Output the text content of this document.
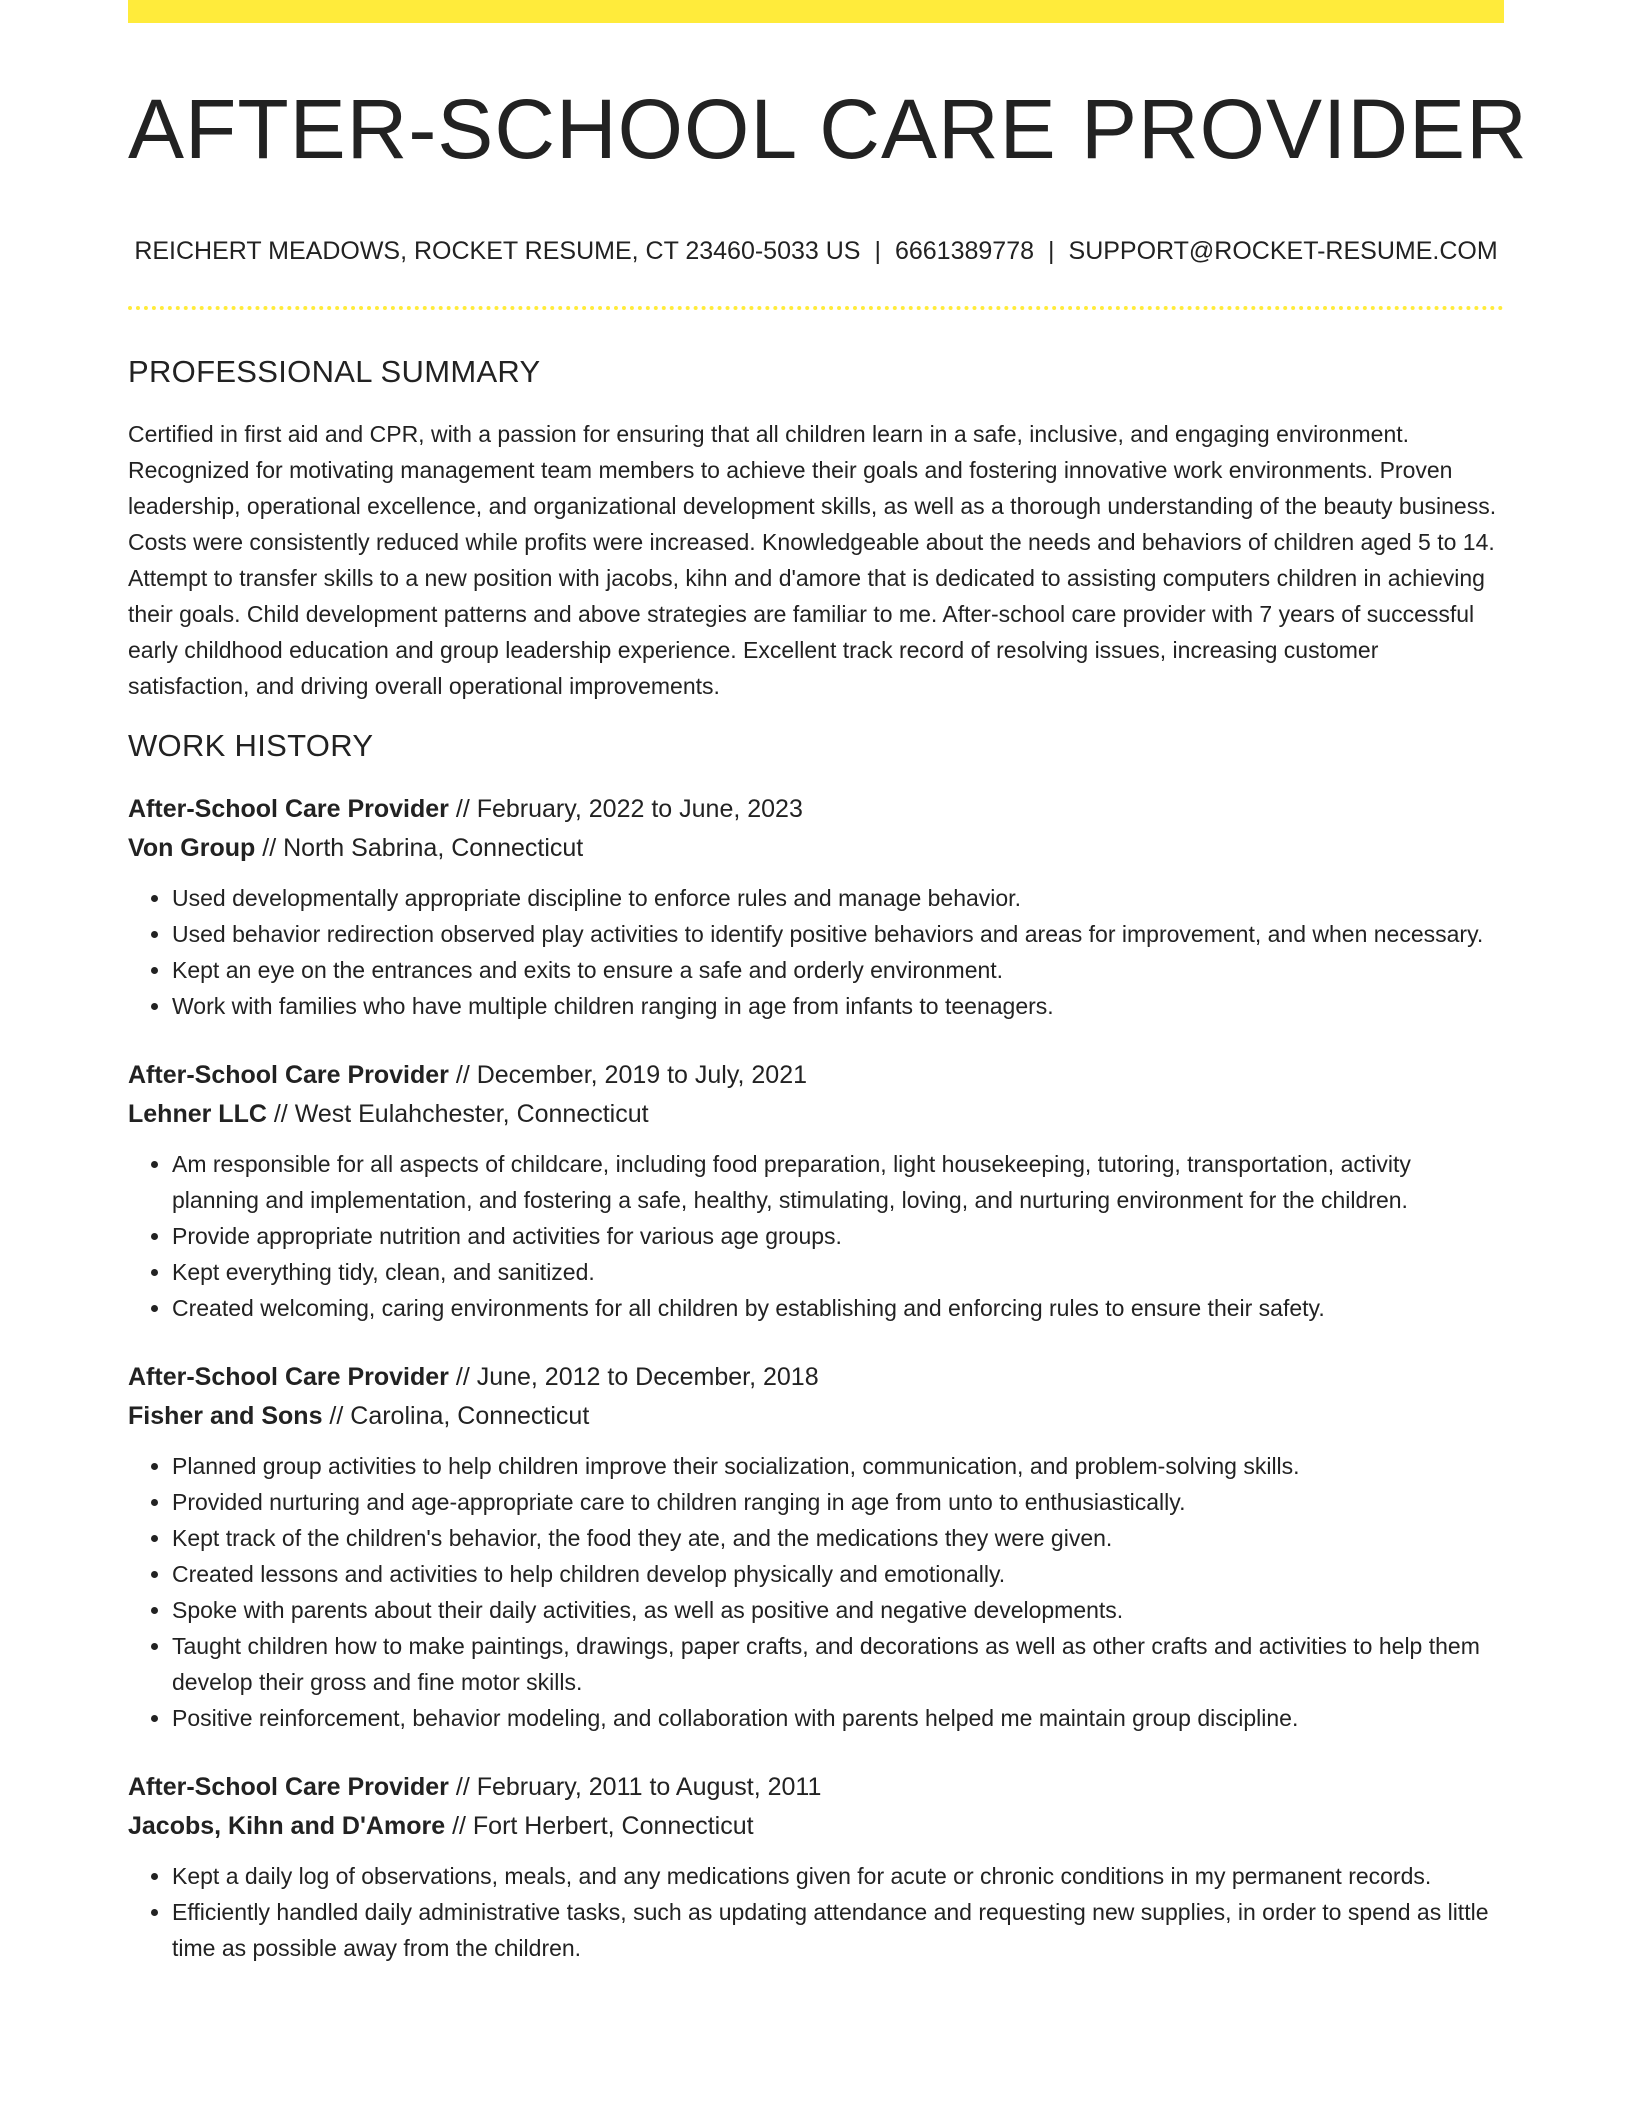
AFTER-SCHOOL CARE PROVIDER
REICHERT MEADOWS, ROCKET RESUME, CT 23460-5033 US | 6661389778 | SUPPORT@ROCKET-RESUME.COM
PROFESSIONAL SUMMARY

Certified in first aid and CPR, with a passion for ensuring that all children learn in a safe, inclusive, and engaging environment. Recognized for motivating management team members to achieve their goals and fostering innovative work environments. Proven leadership, operational excellence, and organizational development skills, as well as a thorough understanding of the beauty business. Costs were consistently reduced while profits were increased. Knowledgeable about the needs and behaviors of children aged 5 to 14. Attempt to transfer skills to a new position with jacobs, kihn and d'amore that is dedicated to assisting computers children in achieving their goals. Child development patterns and above strategies are familiar to me. After-school care provider with 7 years of successful early childhood education and group leadership experience. Excellent track record of resolving issues, increasing customer satisfaction, and driving overall operational improvements.

WORK HISTORY
After-School Care Provider // February, 2022 to June, 2023
Von Group // North Sabrina, Connecticut
• Used developmentally appropriate discipline to enforce rules and manage behavior.
• Used behavior redirection observed play activities to identify positive behaviors and areas for improvement, and when necessary.
• Kept an eye on the entrances and exits to ensure a safe and orderly environment.
• Work with families who have multiple children ranging in age from infants to teenagers.
After-School Care Provider // December, 2019 to July, 2021
Lehner LLC // West Eulahchester, Connecticut
• Am responsible for all aspects of childcare, including food preparation, light housekeeping, tutoring, transportation, activity planning and implementation, and fostering a safe, healthy, stimulating, loving, and nurturing environment for the children.
• Provide appropriate nutrition and activities for various age groups.
• Kept everything tidy, clean, and sanitized.
• Created welcoming, caring environments for all children by establishing and enforcing rules to ensure their safety.
After-School Care Provider // June, 2012 to December, 2018
Fisher and Sons // Carolina, Connecticut
• Planned group activities to help children improve their socialization, communication, and problem-solving skills.
• Provided nurturing and age-appropriate care to children ranging in age from unto to enthusiastically.
• Kept track of the children's behavior, the food they ate, and the medications they were given.
• Created lessons and activities to help children develop physically and emotionally.
• Spoke with parents about their daily activities, as well as positive and negative developments.
• Taught children how to make paintings, drawings, paper crafts, and decorations as well as other crafts and activities to help them develop their gross and fine motor skills.
• Positive reinforcement, behavior modeling, and collaboration with parents helped me maintain group discipline.
After-School Care Provider // February, 2011 to August, 2011
Jacobs, Kihn and D'Amore // Fort Herbert, Connecticut
• Kept a daily log of observations, meals, and any medications given for acute or chronic conditions in my permanent records.
• Efficiently handled daily administrative tasks, such as updating attendance and requesting new supplies, in order to spend as little time as possible away from the children.
